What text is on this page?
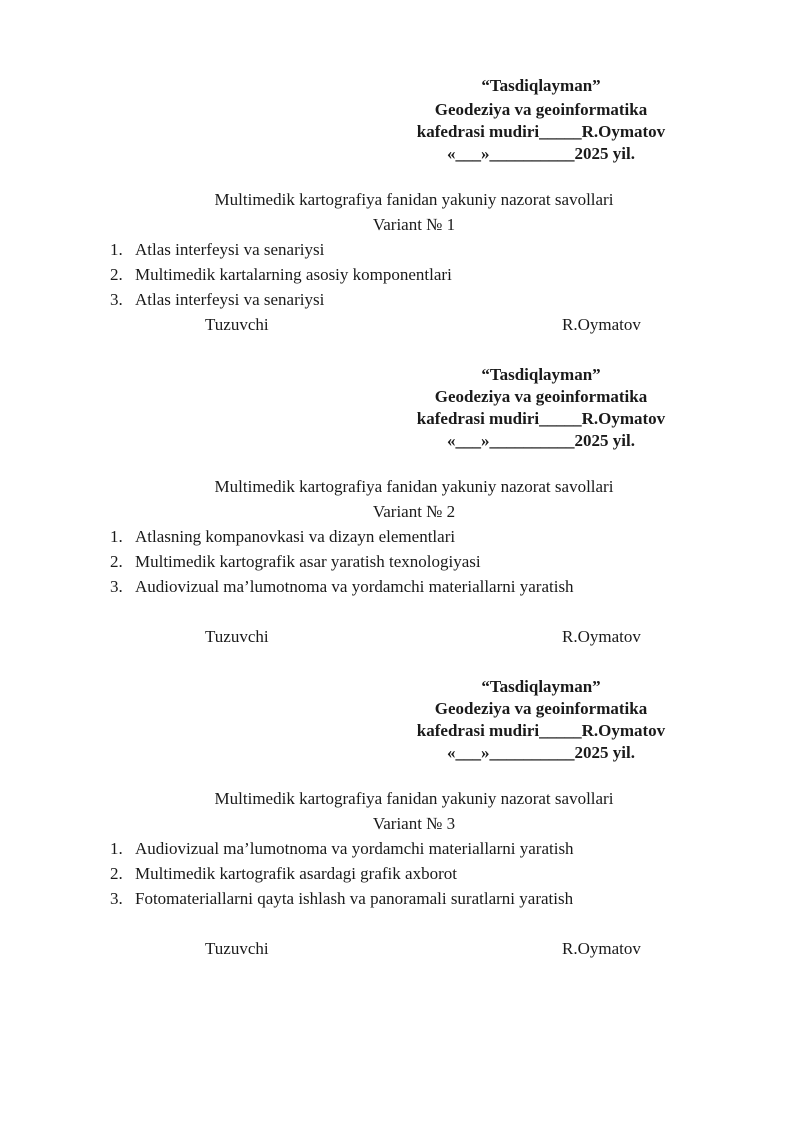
“Tasdiqlayman”
Geodeziya va geoinformatika
kafedrasi mudiri_____R.Oymatov
«___»__________2025 yil.
Multimedik kartografiya fanidan yakuniy nazorat savollari
Variant № 1
1. Atlas interfeysi va senariysi
2. Multimedik kartalarning asosiy komponentlari
3. Atlas interfeysi va senariysi
Tuzuvchi	R.Oymatov
“Tasdiqlayman”
Geodeziya va geoinformatika
kafedrasi mudiri_____R.Oymatov
«___»__________2025 yil.
Multimedik kartografiya fanidan yakuniy nazorat savollari
Variant № 2
1. Atlasning kompanovkasi va dizayn elementlari
2. Multimedik kartografik asar yaratish texnologiyasi
3. Audiovizual ma’lumotnoma va yordamchi materiallarni yaratish
Tuzuvchi	R.Oymatov
“Tasdiqlayman”
Geodeziya va geoinformatika
kafedrasi mudiri_____R.Oymatov
«___»__________2025 yil.
Multimedik kartografiya fanidan yakuniy nazorat savollari
Variant № 3
1. Audiovizual ma’lumotnoma va yordamchi materiallarni yaratish
2. Multimedik kartografik asardagi grafik axborot
3. Fotomateriallarni qayta ishlash va panoramali suratlarni yaratish
Tuzuvchi	R.Oymatov
